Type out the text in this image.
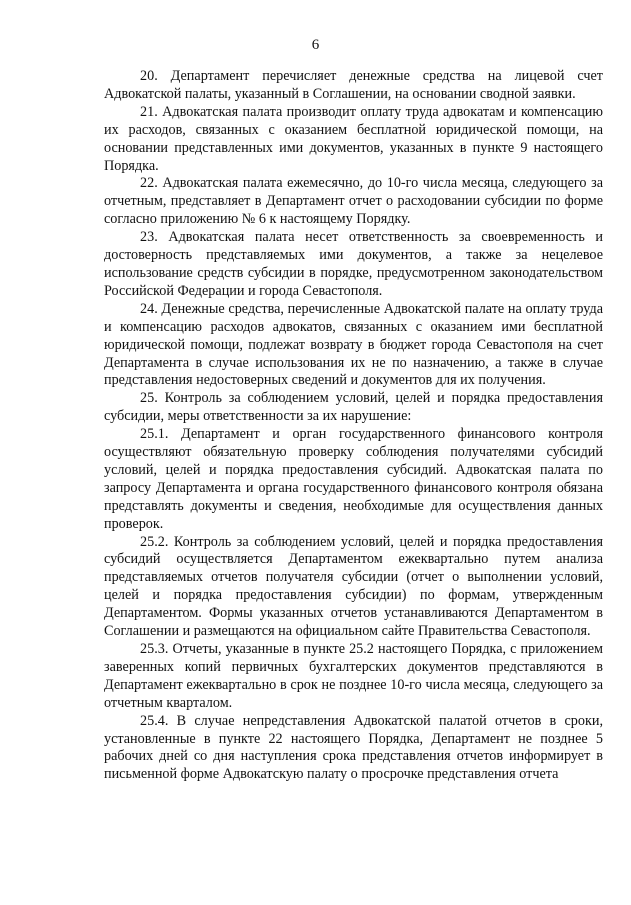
6

20. Департамент перечисляет денежные средства на лицевой счет Адвокатской палаты, указанный в Соглашении, на основании сводной заявки.

21. Адвокатская палата производит оплату труда адвокатам и компенсацию их расходов, связанных с оказанием бесплатной юридической помощи, на основании представленных ими документов, указанных в пункте 9 настоящего Порядка.

22. Адвокатская палата ежемесячно, до 10-го числа месяца, следующего за отчетным, представляет в Департамент отчет о расходовании субсидии по форме согласно приложению № 6 к настоящему Порядку.

23. Адвокатская палата несет ответственность за своевременность и достоверность представляемых ими документов, а также за нецелевое использование средств субсидии в порядке, предусмотренном законодательством Российской Федерации и города Севастополя.

24. Денежные средства, перечисленные Адвокатской палате на оплату труда и компенсацию расходов адвокатов, связанных с оказанием ими бесплатной юридической помощи, подлежат возврату в бюджет города Севастополя на счет Департамента в случае использования их не по назначению, а также в случае представления недостоверных сведений и документов для их получения.

25. Контроль за соблюдением условий, целей и порядка предоставления субсидии, меры ответственности за их нарушение:

25.1. Департамент и орган государственного финансового контроля осуществляют обязательную проверку соблюдения получателями субсидий условий, целей и порядка предоставления субсидий. Адвокатская палата по запросу Департамента и органа государственного финансового контроля обязана представлять документы и сведения, необходимые для осуществления данных проверок.

25.2. Контроль за соблюдением условий, целей и порядка предоставления субсидий осуществляется Департаментом ежеквартально путем анализа представляемых отчетов получателя субсидии (отчет о выполнении условий, целей и порядка предоставления субсидии) по формам, утвержденным Департаментом. Формы указанных отчетов устанавливаются Департаментом в Соглашении и размещаются на официальном сайте Правительства Севастополя.

25.3. Отчеты, указанные в пункте 25.2 настоящего Порядка, с приложением заверенных копий первичных бухгалтерских документов представляются в Департамент ежеквартально в срок не позднее 10-го числа месяца, следующего за отчетным кварталом.

25.4. В случае непредставления Адвокатской палатой отчетов в сроки, установленные в пункте 22 настоящего Порядка, Департамент не позднее 5 рабочих дней со дня наступления срока представления отчетов информирует в письменной форме Адвокатскую палату о просрочке представления отчета
